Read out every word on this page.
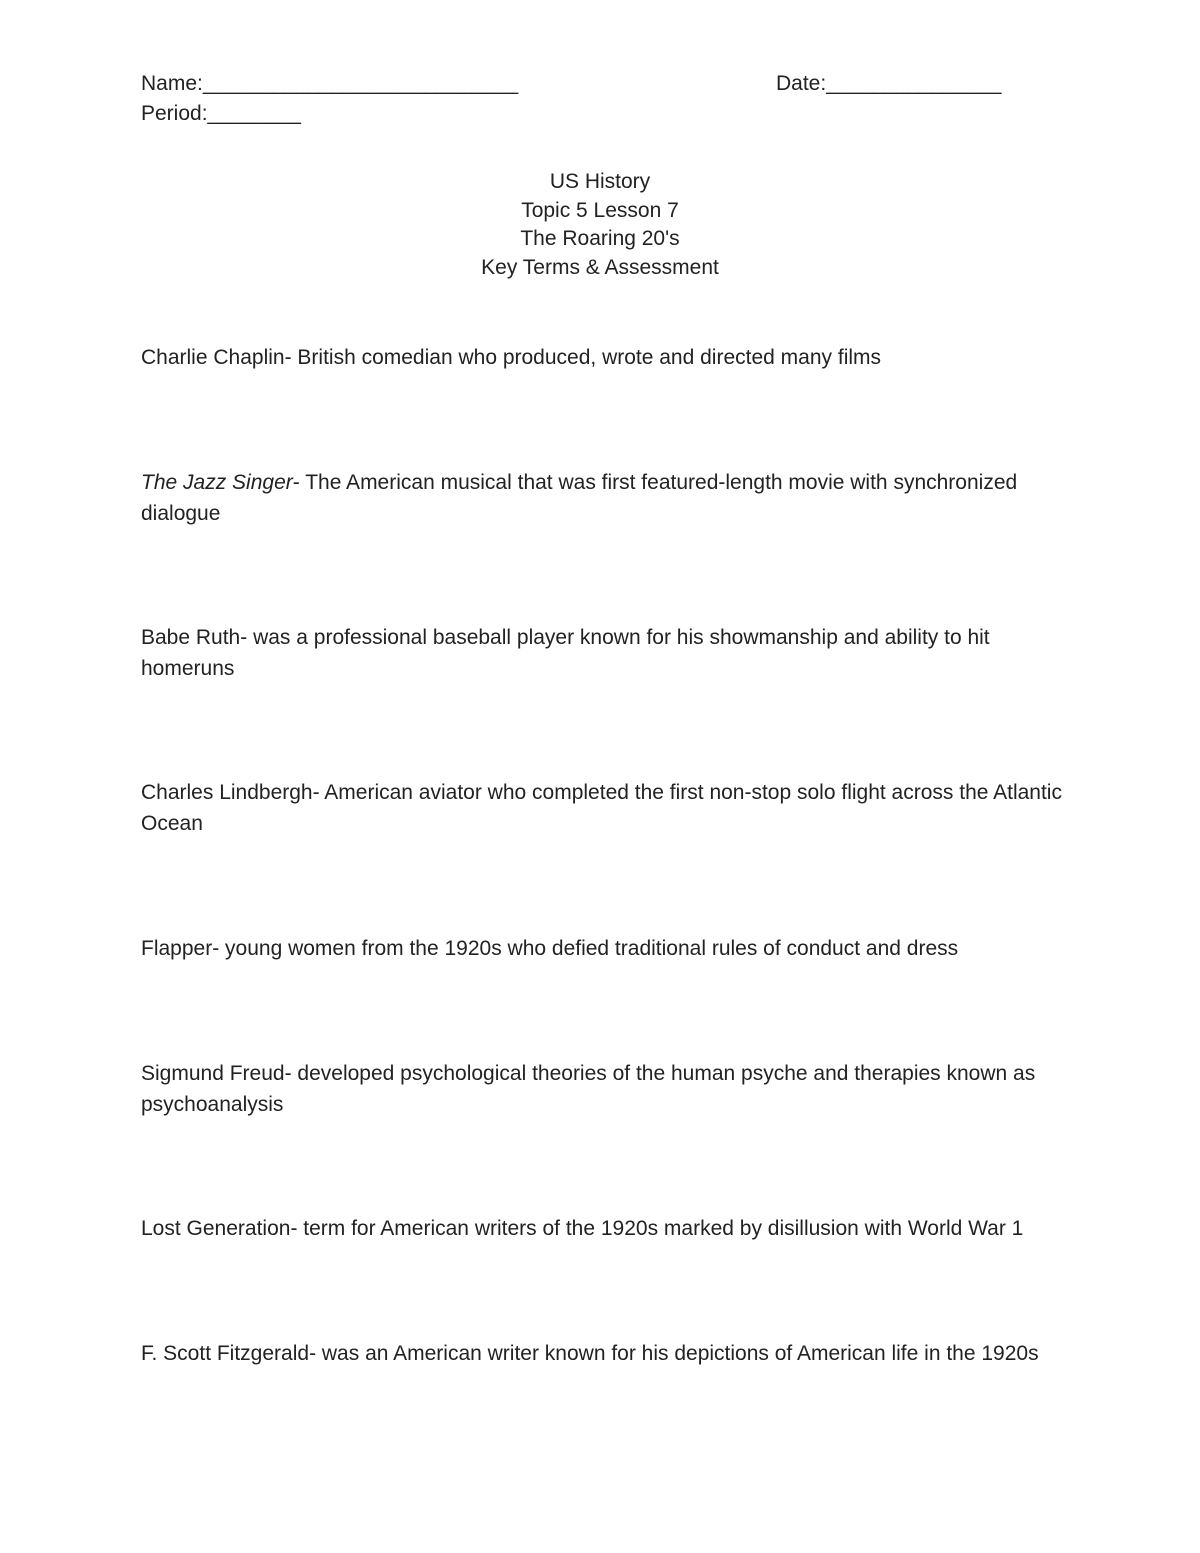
Name:___________________________	Date:_______________
Period:________
US History
Topic 5 Lesson 7
The Roaring 20's
Key Terms & Assessment
Charlie Chaplin- British comedian who produced, wrote and directed many films
The Jazz Singer- The American musical that was first featured-length movie with synchronized dialogue
Babe Ruth- was a professional baseball player known for his showmanship and ability to hit homeruns
Charles Lindbergh- American aviator who completed the first non-stop solo flight across the Atlantic Ocean
Flapper- young women from the 1920s who defied traditional rules of conduct and dress
Sigmund Freud- developed psychological theories of the human psyche and therapies known as psychoanalysis
Lost Generation- term for American writers of the 1920s marked by disillusion with World War 1
F. Scott Fitzgerald- was an American writer known for his depictions of American life in the 1920s
